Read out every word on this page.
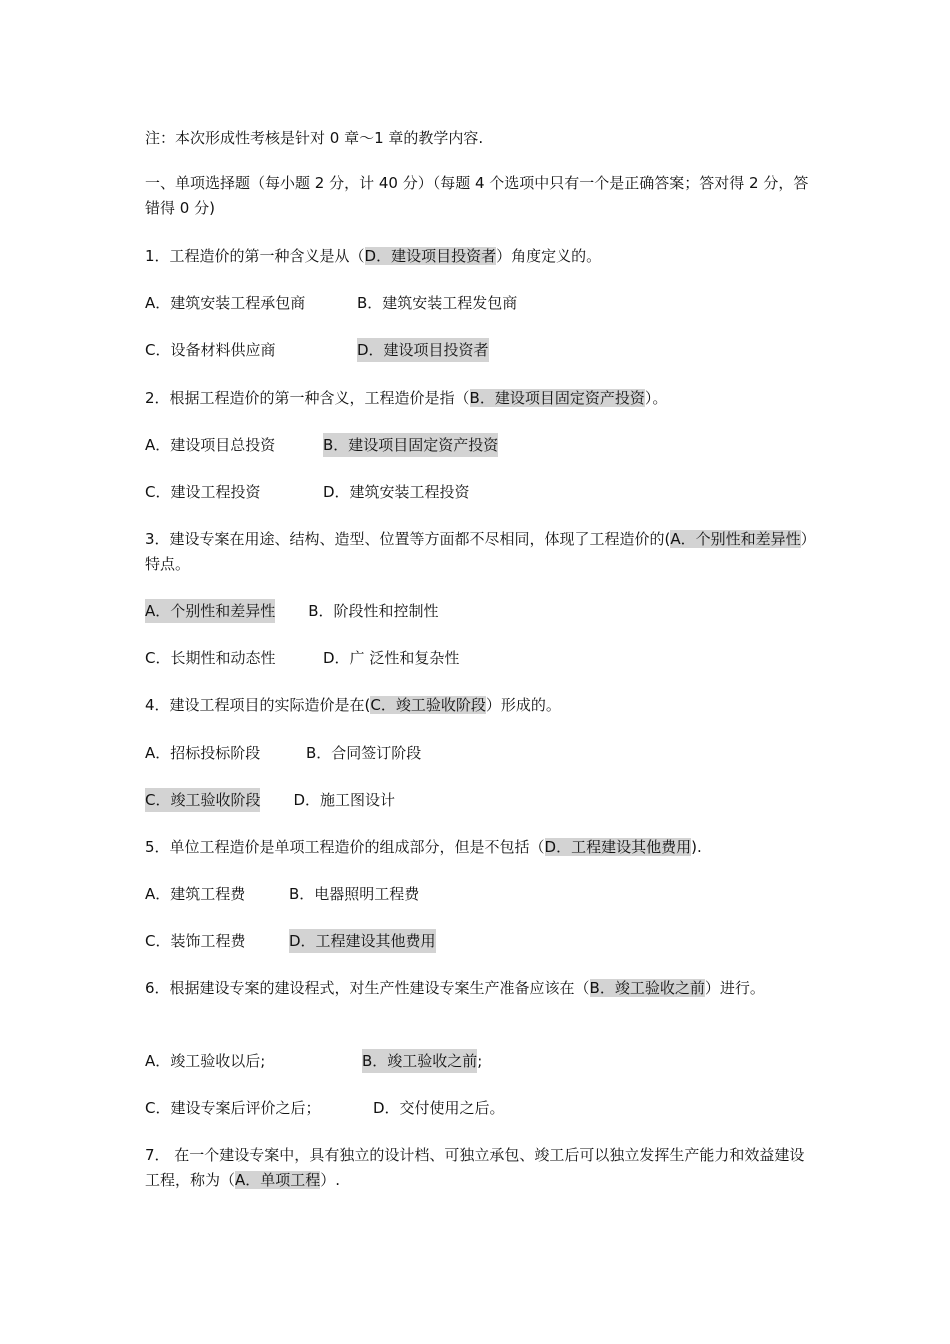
注：本次形成性考核是针对 0 章～1 章的教学内容.
一、单项选择题（每小题 2 分，计 40 分）（每题 4 个选项中只有一个是正确答案；答对得 2 分，答错得 0 分)
1．工程造价的第一种含义是从（D．建设项目投资者）角度定义的。
A．建筑安装工程承包商	B．建筑安装工程发包商
C．设备材料供应商	D．建设项目投资者
2．根据工程造价的第一种含义，工程造价是指（B．建设项目固定资产投资）。
A．建设项目总投资	B．建设项目固定资产投资
C．建设工程投资	D．建筑安装工程投资
3．建设专案在用途、结构、造型、位置等方面都不尽相同，体现了工程造价的(A．个别性和差异性）特点。
A．个别性和差异性 B．阶段性和控制性
C．长期性和动态性	D．广 泛性和复杂性
4．建设工程项目的实际造价是在(C．竣工验收阶段）形成的。
A．招标投标阶段	B．合同签订阶段
C．竣工验收阶段 D．施工图设计
5．单位工程造价是单项工程造价的组成部分，但是不包括（D．工程建设其他费用).
A．建筑工程费	B．电器照明工程费
C．装饰工程费	D．工程建设其他费用
6．根据建设专案的建设程式，对生产性建设专案生产准备应该在（B．竣工验收之前）进行。
A．竣工验收以后;	B．竣工验收之前;
C．建设专案后评价之后；	D．交付使用之后。
7． 在一个建设专案中，具有独立的设计档、可独立承包、竣工后可以独立发挥生产能力和效益建设工程，称为（A．单项工程）.
